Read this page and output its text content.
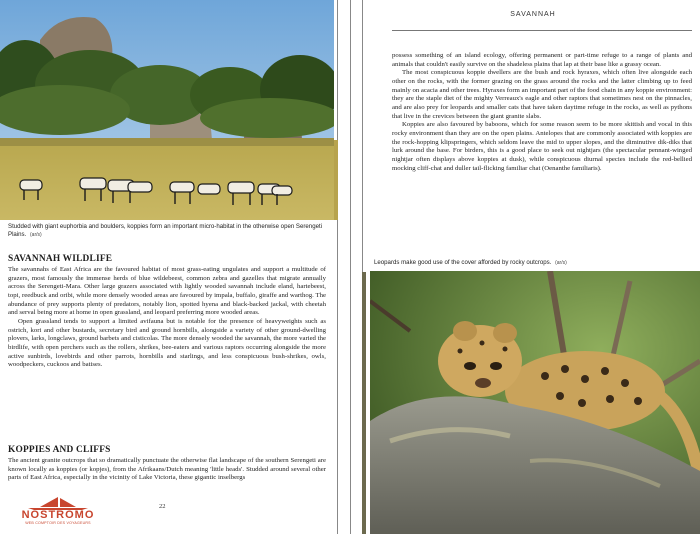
Studded with giant euphorbia and boulders, koppies form an important micro-habitat in the otherwise open Serengeti Plains. (ar/s)
SAVANNAH WILDLIFE

The savannahs of East Africa are the favoured habitat of most grass-eating ungulates and support a multitude of grazers, most famously the immense herds of blue wildebeest, common zebra and gazelles that migrate annually across the Serengeti-Mara. Other large grazers associated with lightly wooded savannah include eland, hartebeest, topi, reedbuck and oribi, while more densely wooded areas are favoured by impala, buffalo, giraffe and warthog. The abundance of prey supports plenty of predators, notably lion, spotted hyena and black-backed jackal, with cheetah and serval being more at home in open grassland, and leopard preferring more wooded areas.

Open grassland tends to support a limited avifauna but is notable for the presence of heavyweights such as ostrich, kori and other bustards, secretary bird and ground hornbills, alongside a variety of other ground-dwelling plovers, larks, longclaws, ground barbets and cisticolas. The more densely wooded the savannah, the more varied the birdlife, with open perchers such as the rollers, shrikes, bee-eaters and various raptors occurring alongside the more active sunbirds, lovebirds and other parrots, hornbills and starlings, and less conspicuous bush-shrikes, owls, woodpeckers, cuckoos and batises.

KOPPIES AND CLIFFS

The ancient granite outcrops that so dramatically punctuate the otherwise flat landscape of the southern Serengeti are known locally as koppies (or kopjes), from the Afrikaans/Dutch meaning 'little heads'. Studded around several other parts of East Africa, especially in the vicinity of Lake Victoria, these gigantic inselbergs

22
SAVANNAH

possess something of an island ecology, offering permanent or part-time refuge to a range of plants and animals that couldn't easily survive on the shadeless plains that lap at their base like a grassy ocean.

The most conspicuous koppie dwellers are the bush and rock hyraxes, which often live alongside each other on the rocks, with the former grazing on the grass around the rocks and the latter climbing up to feed mainly on acacia and other trees. Hyraxes form an important part of the food chain in any koppie environment: they are the staple diet of the mighty Verreaux's eagle and other raptors that sometimes nest on the pinnacles, and are also prey for leopards and smaller cats that have taken daytime refuge in the rocks, as well as pythons that live in the crevices between the giant granite slabs.

Koppies are also favoured by baboons, which for some reason seem to be more skittish and vocal in this rocky environment than they are on the open plains. Antelopes that are commonly associated with koppies are the rock-hopping klipspringers, which seldom leave the mid to upper slopes, and the diminutive dik-diks that lurk around the base. For birders, this is a good place to seek out nightjars (the spectacular pennant-winged nightjar often displays above koppies at dusk), while conspicuous diurnal species include the red-bellied mocking cliff-chat and duller tail-flicking familiar chat (Oenanthe familiaris).

Leopards make good use of the cover afforded by rocky outcrops. (ar/s)
NOSTROMO
WEB COMPTOIR DES VOYAGEURS
